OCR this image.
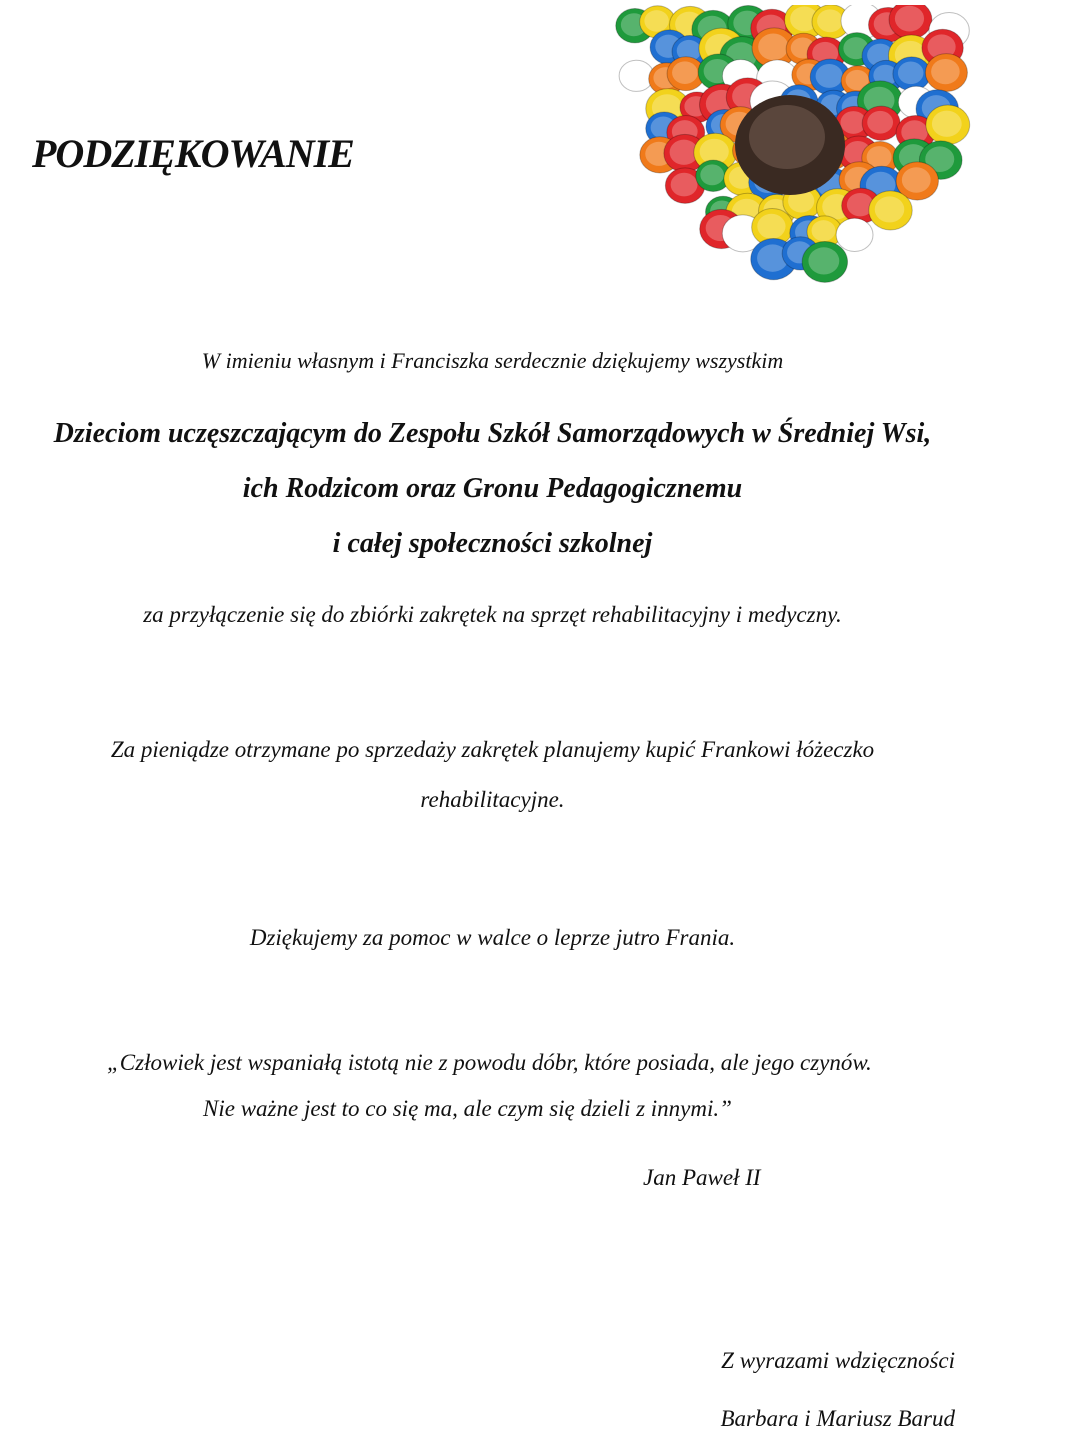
PODZIĘKOWANIE

W imieniu własnym i Franciszka serdecznie dziękujemy wszystkim

Dzieciom uczęszczającym do Zespołu Szkół Samorządowych w Średniej Wsi,

ich Rodzicom oraz Gronu Pedagogicznemu

i całej społeczności szkolnej

za przyłączenie się do zbiórki zakrętek na sprzęt rehabilitacyjny i medyczny.

Za pieniądze otrzymane po sprzedaży zakrętek planujemy kupić Frankowi łóżeczko

rehabilitacyjne.

Dziękujemy za pomoc w walce o leprze jutro Frania.

„Człowiek jest wspaniałą istotą nie z powodu dóbr, które posiada, ale jego czynów.

Nie ważne jest to co się ma, ale czym się dzieli z innymi.”

Jan Paweł II

Z wyrazami wdzięczności

Barbara i Mariusz Barud
